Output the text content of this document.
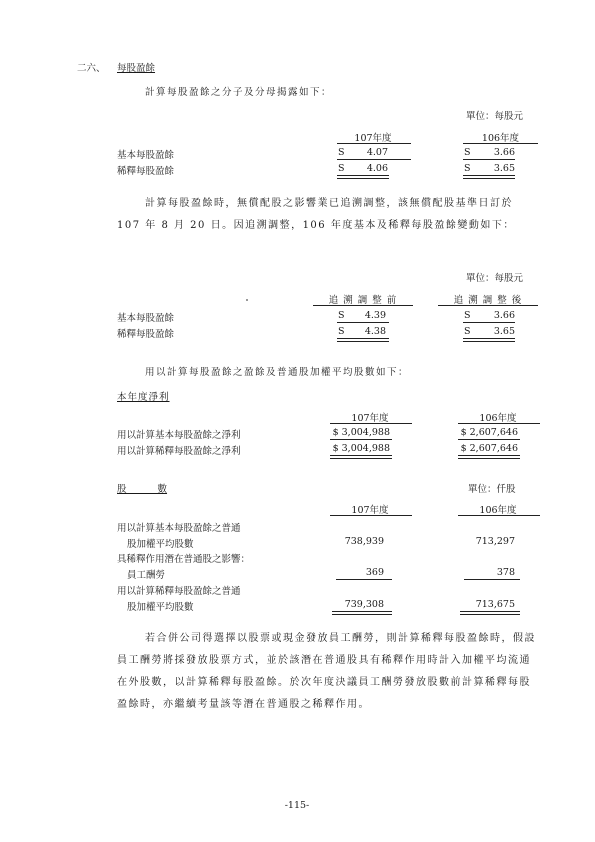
二六、 每股盈餘
計算每股盈餘之分子及分母揭露如下：
單位：每股元
107年度	106年度
基本每股盈餘	S	4.07	S	3.66
稀釋每股盈餘	S	4.06	S	3.65
計算每股盈餘時，無償配股之影響業已追溯調整，該無償配股基準日訂於 107 年 8 月 20 日。因追溯調整，106 年度基本及稀釋每股盈餘變動如下：
單位：每股元
追 溯 調 整 前	追 溯 調 整 後
基本每股盈餘	S	4.39	S	3.66
稀釋每股盈餘	S	4.38	S	3.65
用以計算每股盈餘之盈餘及普通股加權平均股數如下：
本年度淨利
107年度	106年度
用以計算基本每股盈餘之淨利	$ 3,004,988	$ 2,607,646
用以計算稀釋每股盈餘之淨利	$ 3,004,988	$ 2,607,646
股 數	單位：仟股
107年度	106年度
用以計算基本每股盈餘之普通
股加權平均股數	738,939	713,297
具稀釋作用潛在普通股之影響：
員工酬勞	369	378
用以計算稀釋每股盈餘之普通
股加權平均股數	739,308	713,675
若合併公司得選擇以股票或現金發放員工酬勞，則計算稀釋每股盈餘時，假設員工酬勞將採發放股票方式，並於該潛在普通股具有稀釋作用時計入加權平均流通在外股數，以計算稀釋每股盈餘。於次年度決議員工酬勞發放股數前計算稀釋每股盈餘時，亦繼續考量該等潛在普通股之稀釋作用。
-115-
